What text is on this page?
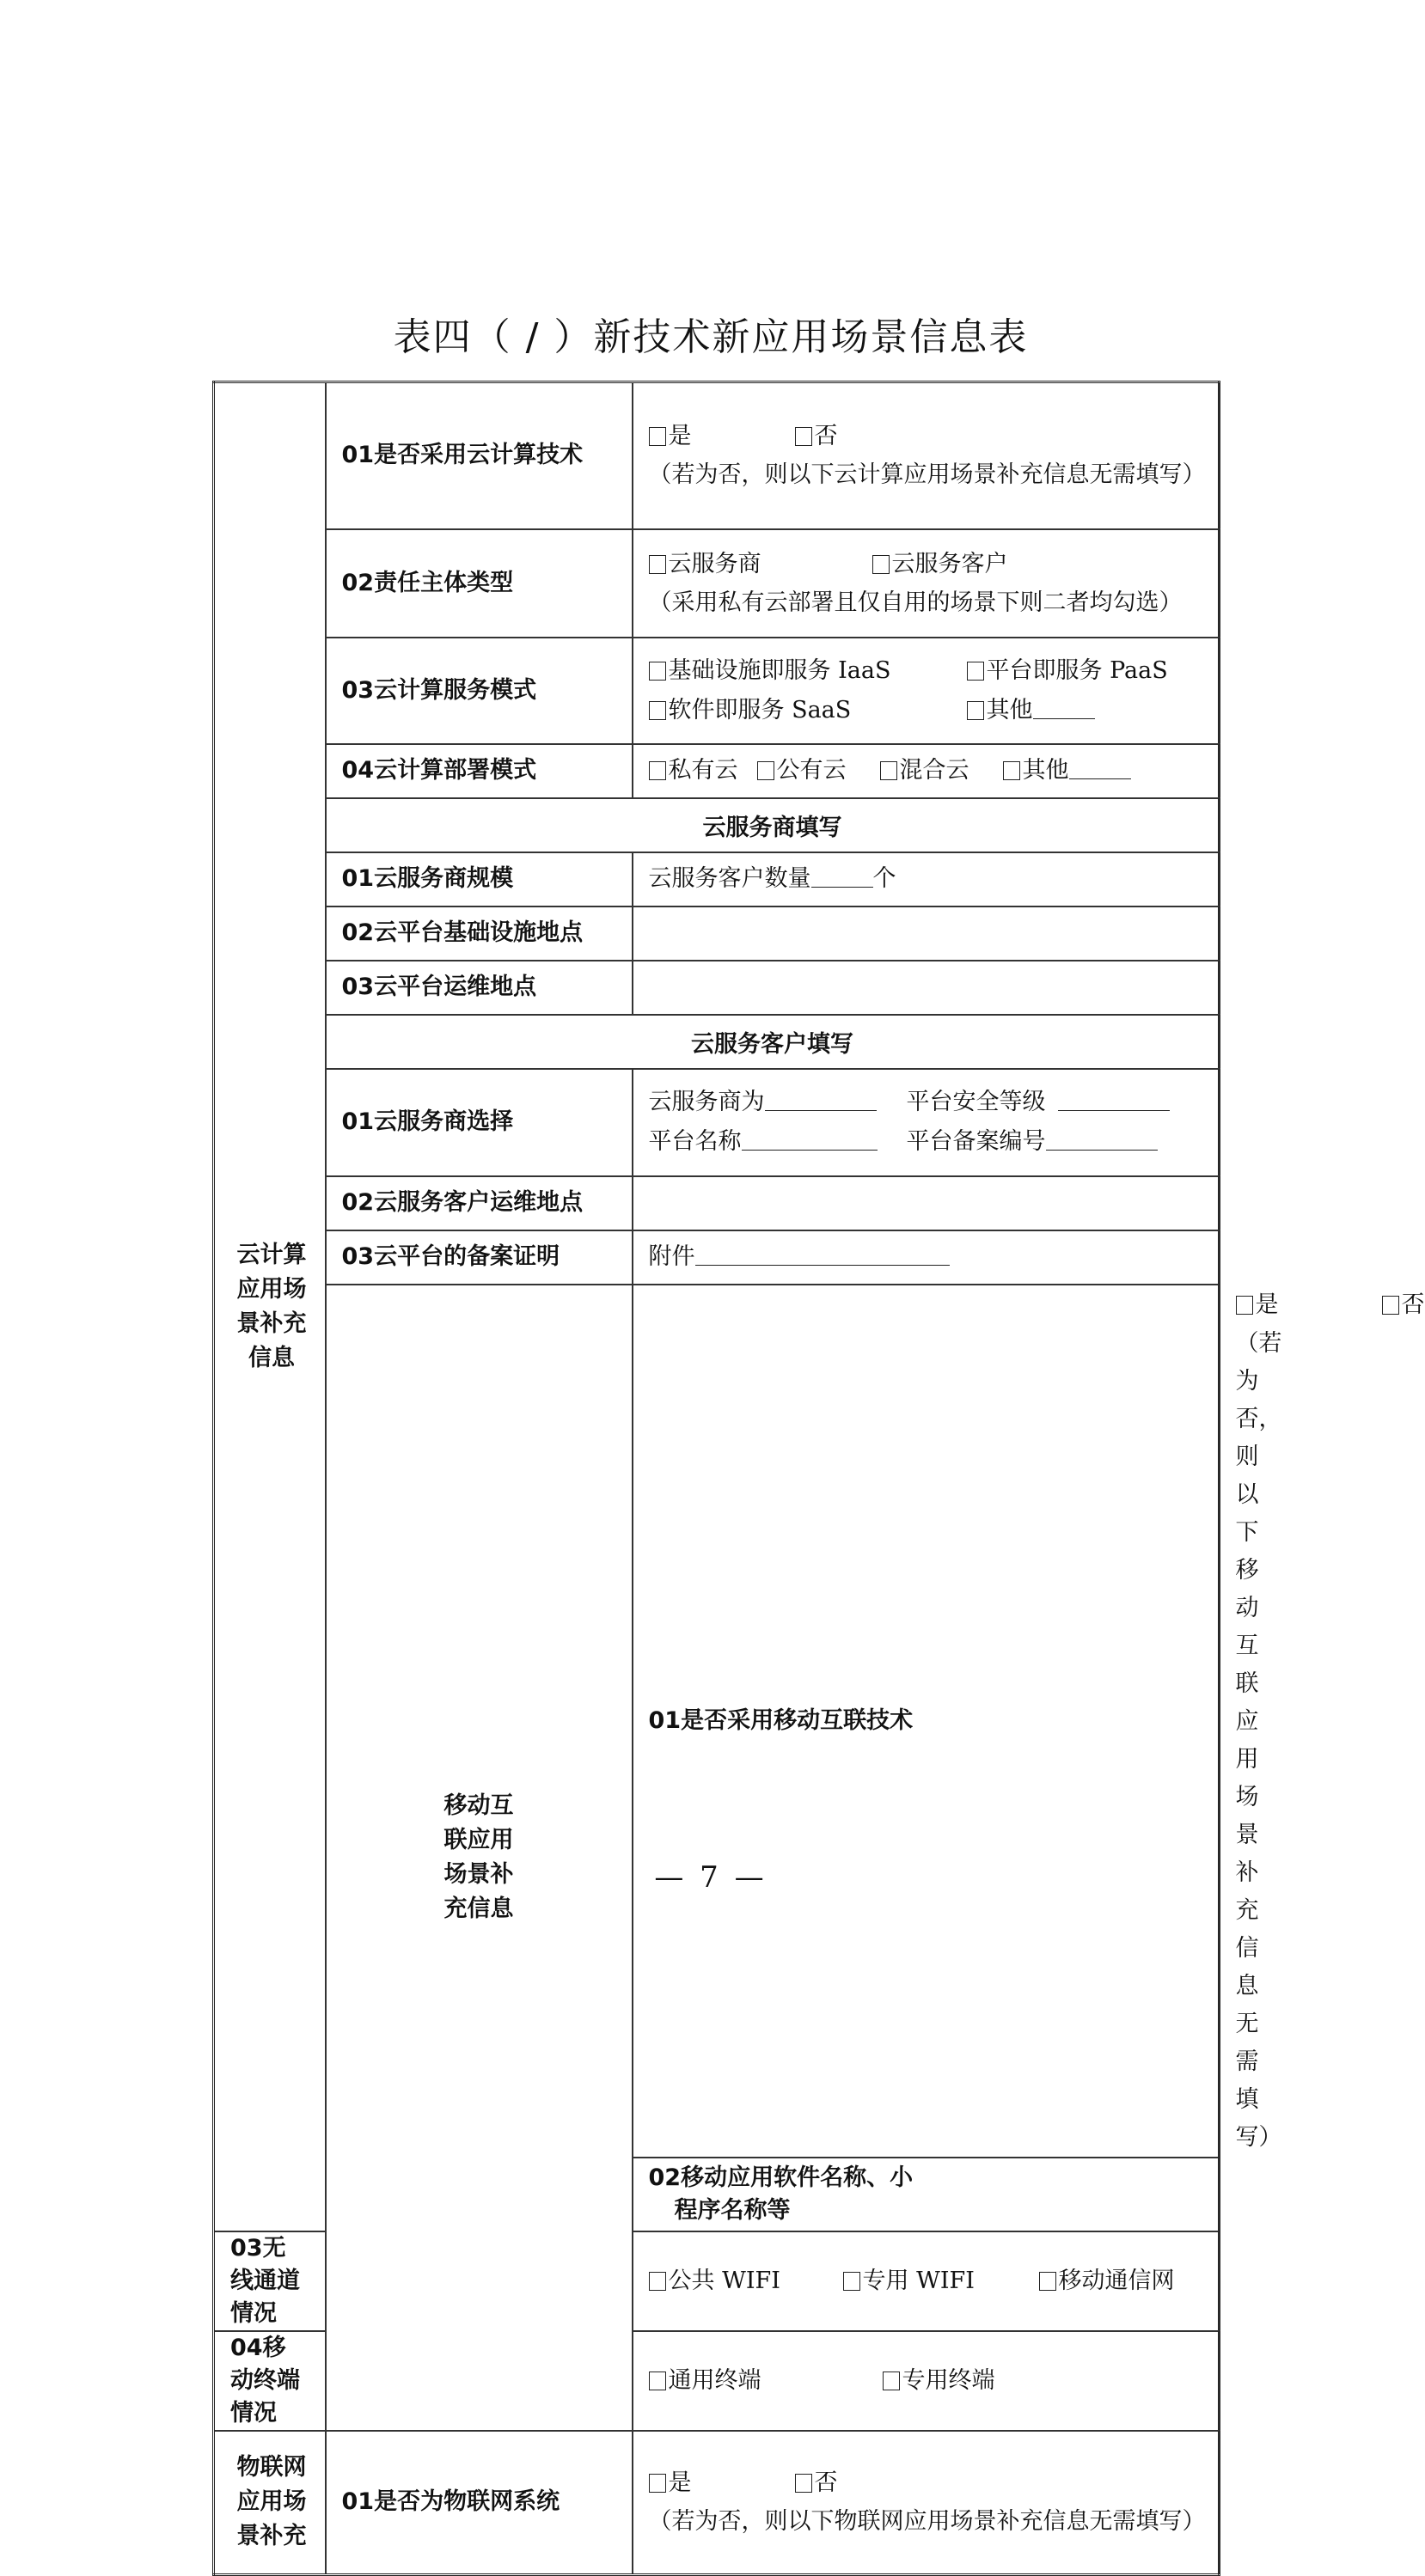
表四（ / ）新技术新应用场景信息表
云计算应用场景补充信息	01是否采用云计算技术	是 否
（若为否，则以下云计算应用场景补充信息无需填写）	

	02责任主体类型	云服务商 云服务客户
（采用私有云部署且仅自用的场景下则二者均勾选）	

	03云计算服务模式	基础设施即服务 IaaS 平台即服务 PaaS
软件即服务 SaaS 其他	

	04云计算部署模式	私有云 公有云 混合云 其他	

	云服务商填写		
	01云服务商规模	云服务客户数量 个	
	02云平台基础设施地点		
	03云平台运维地点		
	云服务客户填写		
	01云服务商选择	云服务商为 平台安全等级
平台名称 平台备案编号	

	02云服务客户运维地点		
	03云平台的备案证明	附件	

	移动互联应用场景补充信息	01是否采用移动互联技术	是 否
（若为否，则以下移动互联应用场景补充信息无需填写）

		02移动应用软件名称、小
程序名称等	

03无线通道情况		公共 WIFI 专用 WIFI 移动通信网	

04移动终端情况		通用终端 专用终端	

物联网应用场景补充	01是否为物联网系统	是 否
（若为否，则以下物联网应用场景补充信息无需填写）	
— 7 —
